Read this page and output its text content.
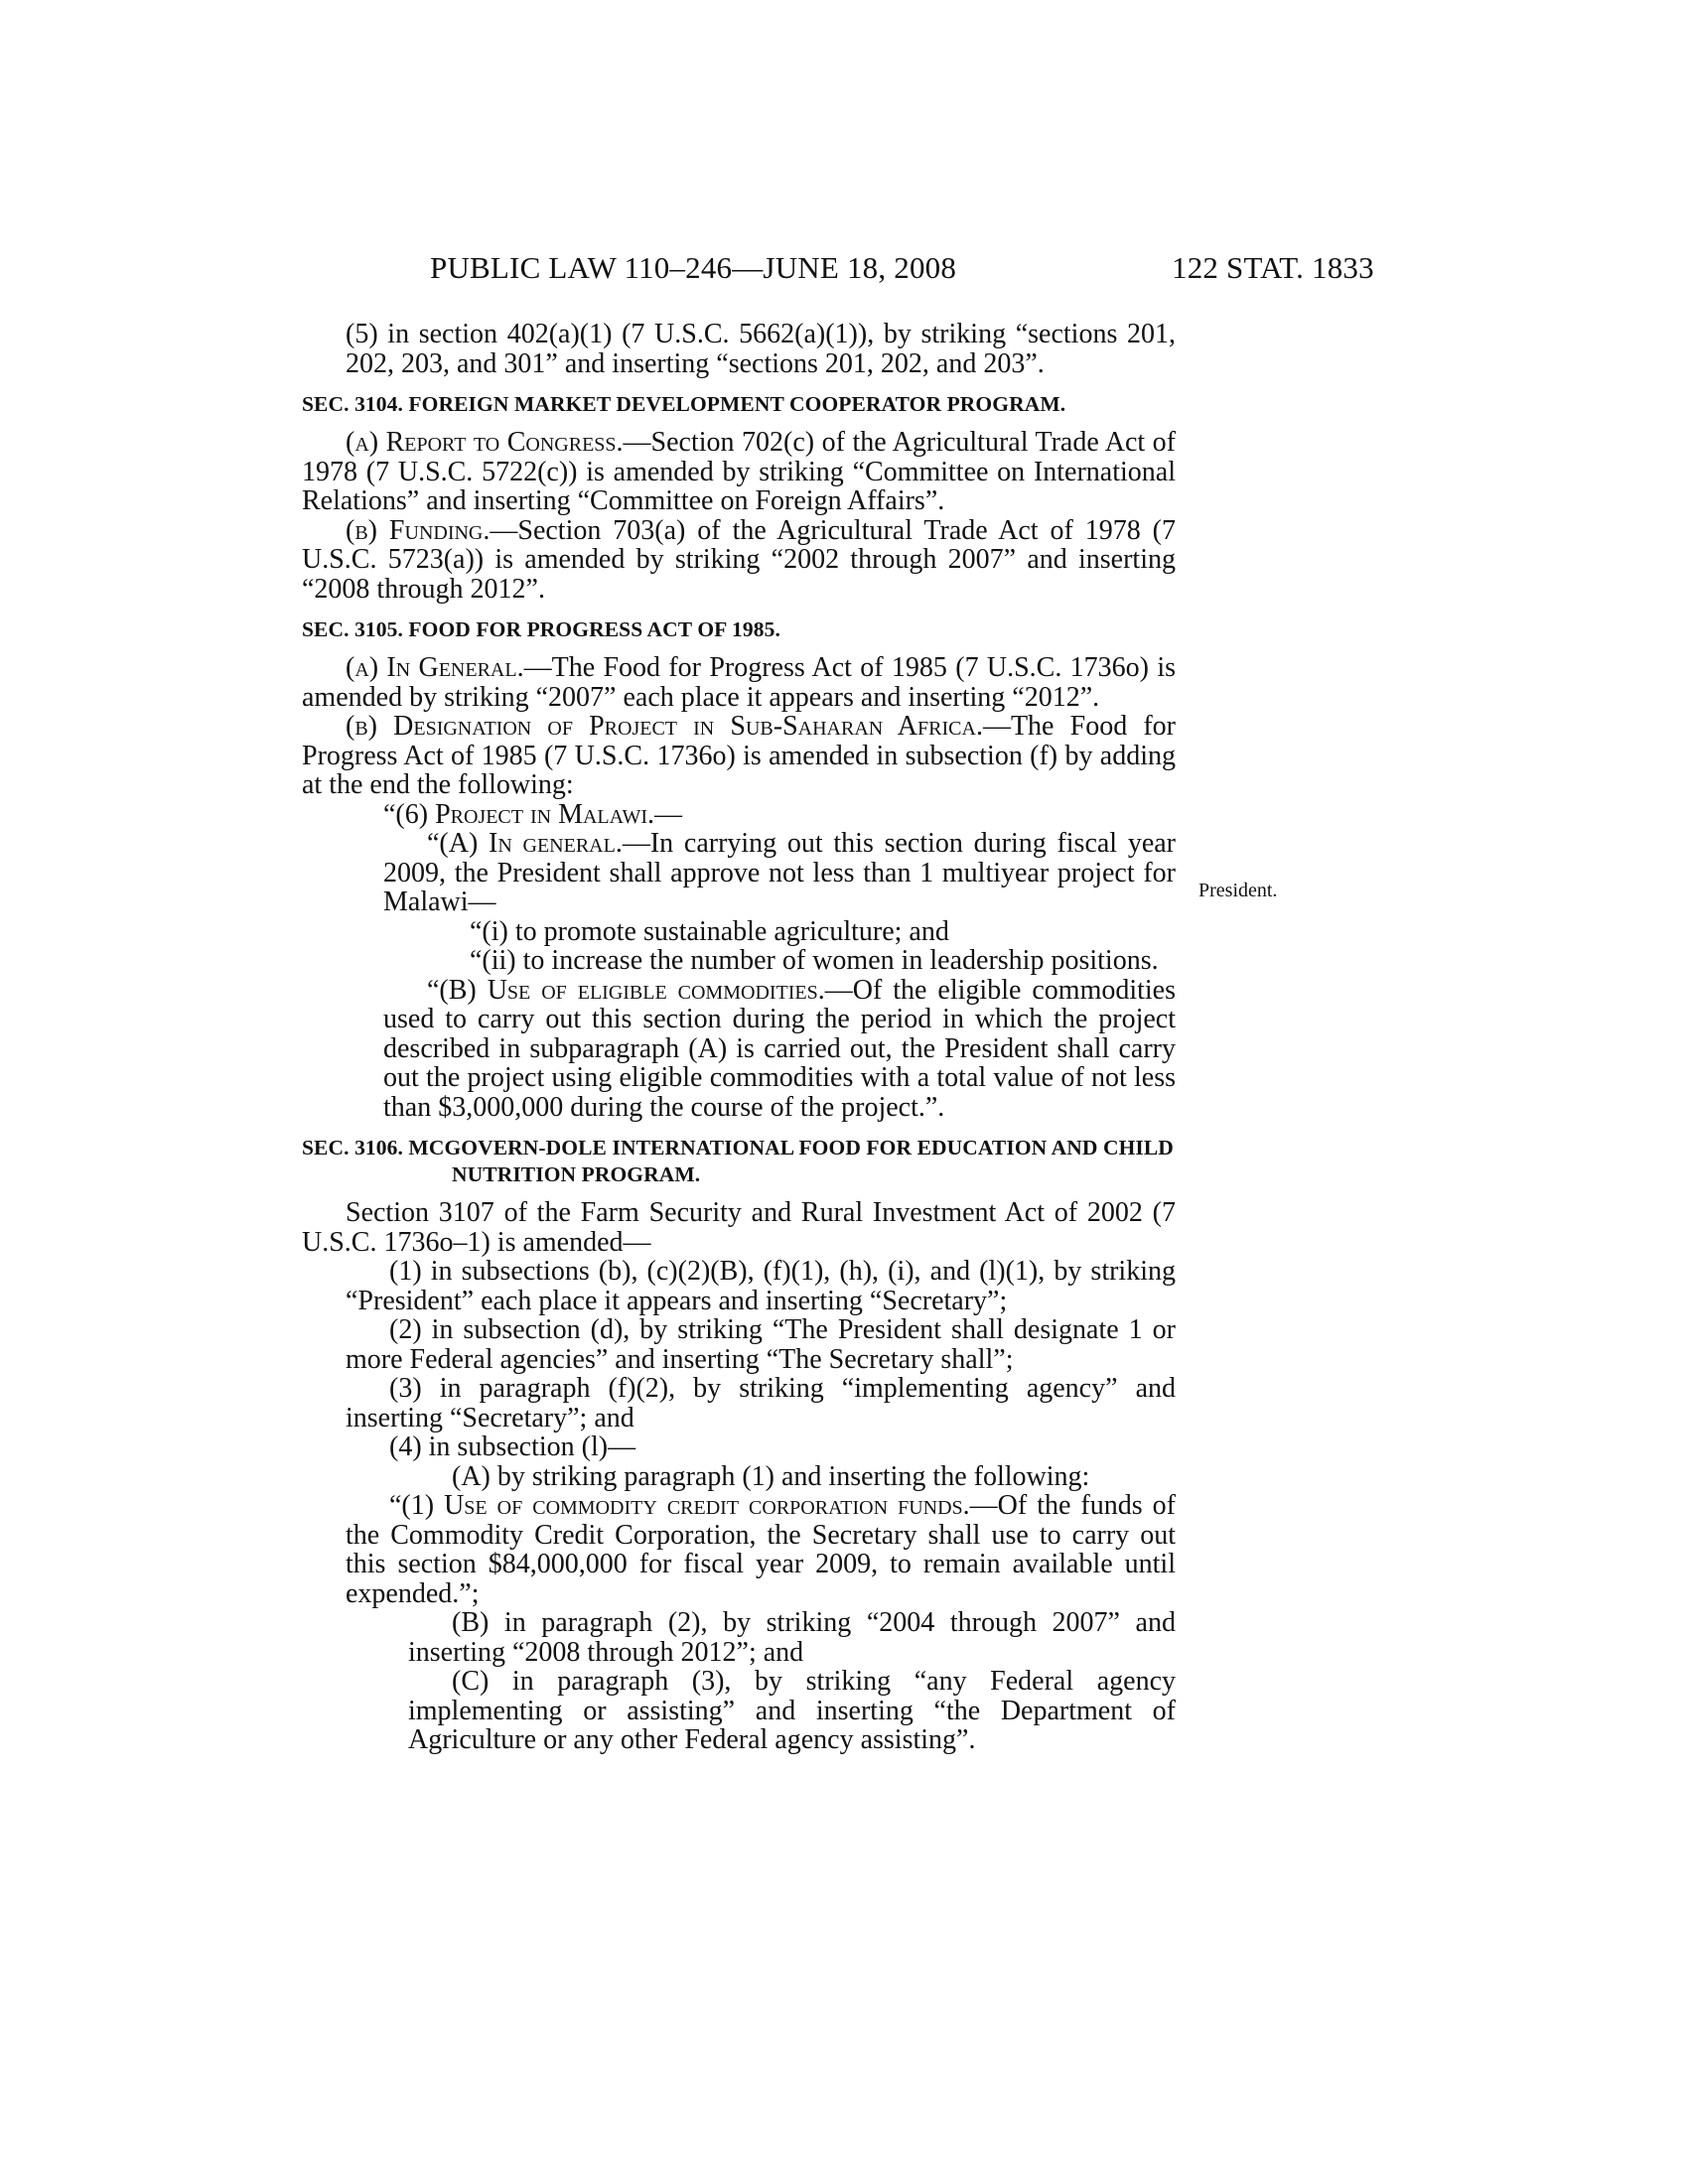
PUBLIC LAW 110–246—JUNE 18, 2008	122 STAT. 1833
President.

(5) in section 402(a)(1) (7 U.S.C. 5662(a)(1)), by striking “sections 201, 202, 203, and 301” and inserting “sections 201, 202, and 203”.

SEC. 3104. FOREIGN MARKET DEVELOPMENT COOPERATOR PROGRAM.

(a) Report to Congress.—Section 702(c) of the Agricultural Trade Act of 1978 (7 U.S.C. 5722(c)) is amended by striking “Committee on International Relations” and inserting “Committee on Foreign Affairs”.

(b) Funding.—Section 703(a) of the Agricultural Trade Act of 1978 (7 U.S.C. 5723(a)) is amended by striking “2002 through 2007” and inserting “2008 through 2012”.

SEC. 3105. FOOD FOR PROGRESS ACT OF 1985.

(a) In General.—The Food for Progress Act of 1985 (7 U.S.C. 1736o) is amended by striking “2007” each place it appears and inserting “2012”.

(b) Designation of Project in Sub-Saharan Africa.—The Food for Progress Act of 1985 (7 U.S.C. 1736o) is amended in subsection (f) by adding at the end the following:

“(6) Project in Malawi.—

“(A) In general.—In carrying out this section during fiscal year 2009, the President shall approve not less than 1 multiyear project for Malawi—

“(i) to promote sustainable agriculture; and

“(ii) to increase the number of women in leadership positions.

“(B) Use of eligible commodities.—Of the eligible commodities used to carry out this section during the period in which the project described in subparagraph (A) is carried out, the President shall carry out the project using eligible commodities with a total value of not less than $3,000,000 during the course of the project.”.

SEC. 3106. MCGOVERN-DOLE INTERNATIONAL FOOD FOR EDUCATION AND CHILD NUTRITION PROGRAM.

Section 3107 of the Farm Security and Rural Investment Act of 2002 (7 U.S.C. 1736o–1) is amended—

(1) in subsections (b), (c)(2)(B), (f)(1), (h), (i), and (l)(1), by striking “President” each place it appears and inserting “Secretary”;

(2) in subsection (d), by striking “The President shall designate 1 or more Federal agencies” and inserting “The Secretary shall”;

(3) in paragraph (f)(2), by striking “implementing agency” and inserting “Secretary”; and

(4) in subsection (l)—

(A) by striking paragraph (1) and inserting the following:

“(1) Use of commodity credit corporation funds.—Of the funds of the Commodity Credit Corporation, the Secretary shall use to carry out this section $84,000,000 for fiscal year 2009, to remain available until expended.”;

(B) in paragraph (2), by striking “2004 through 2007” and inserting “2008 through 2012”; and

(C) in paragraph (3), by striking “any Federal agency implementing or assisting” and inserting “the Department of Agriculture or any other Federal agency assisting”.
